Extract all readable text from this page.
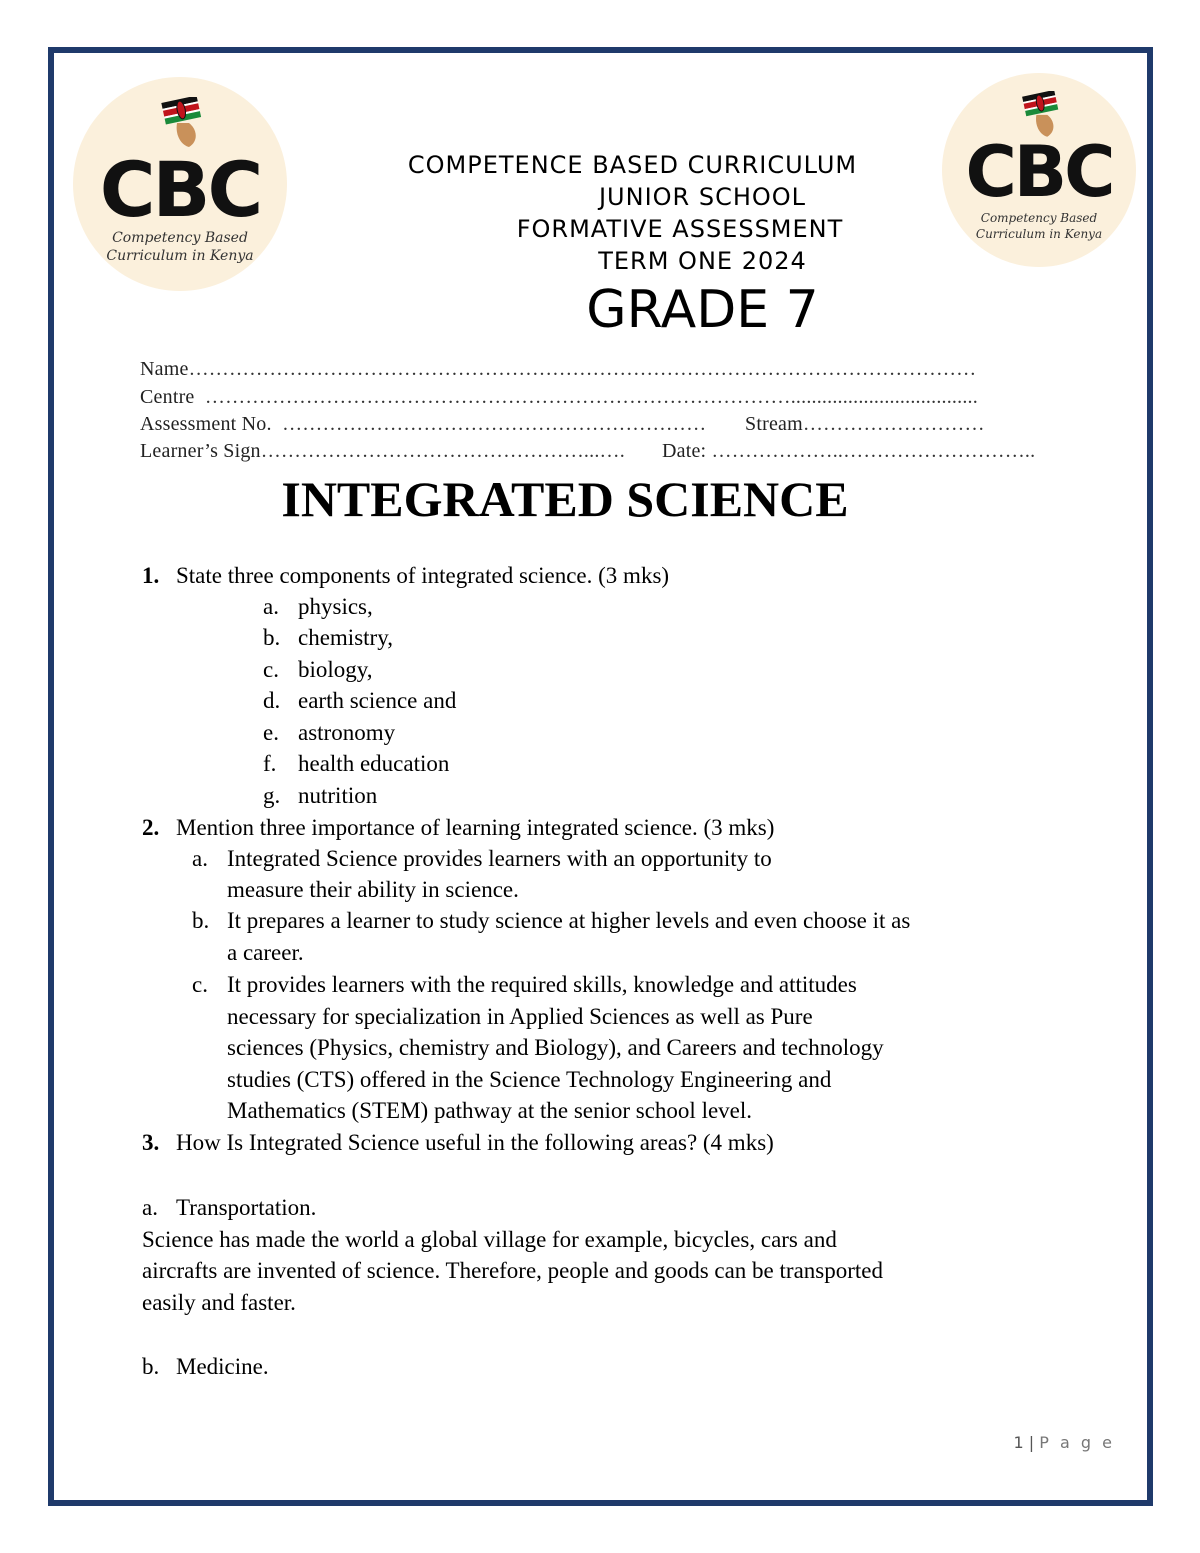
CBC
Competency Based
Curriculum in Kenya
CBC
Competency Based
Curriculum in Kenya
COMPETENCE BASED CURRICULUM
JUNIOR SCHOOL
FORMATIVE ASSESSMENT
TERM ONE 2024
GRADE 7
Name………………………………………………………………………………………………………
Centre ……………………………………………………………………………....................................
Assessment No. ……………………………………………………… Stream………………………
Learner’s Sign…………………………………………...…. Date: ………………..………………………..
INTEGRATED SCIENCE
1. State three components of integrated science. (3 mks)
a. physics,
b. chemistry,
c. biology,
d. earth science and
e. astronomy
f. health education
g. nutrition
2. Mention three importance of learning integrated science. (3 mks)
a. Integrated Science provides learners with an opportunity to
measure their ability in science.
b. It prepares a learner to study science at higher levels and even choose it as
a career.
c. It provides learners with the required skills, knowledge and attitudes
necessary for specialization in Applied Sciences as well as Pure
sciences (Physics, chemistry and Biology), and Careers and technology
studies (CTS) offered in the Science Technology Engineering and
Mathematics (STEM) pathway at the senior school level.
3. How Is Integrated Science useful in the following areas? (4 mks)
a. Transportation.
Science has made the world a global village for example, bicycles, cars and
aircrafts are invented of science. Therefore, people and goods can be transported
easily and faster.
b. Medicine.
1 | P a g e
